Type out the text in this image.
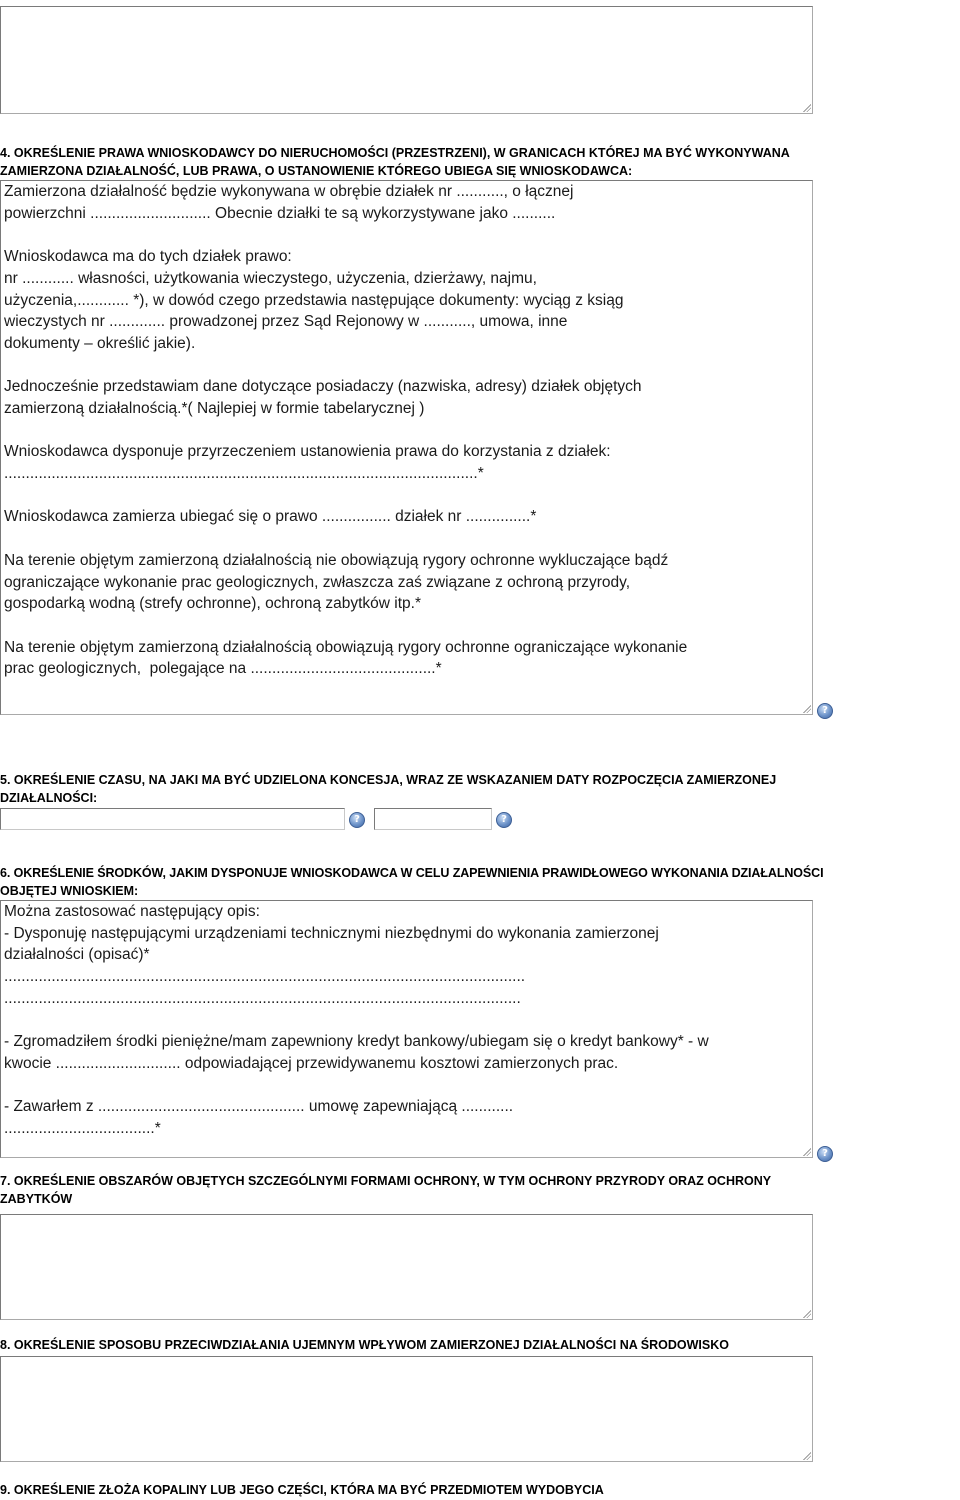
4. OKREŚLENIE PRAWA WNIOSKODAWCY DO NIERUCHOMOŚCI (PRZESTRZENI), W GRANICACH KTÓREJ MA BYĆ WYKONYWANA
ZAMIERZONA DZIAŁALNOŚĆ, LUB PRAWA, O USTANOWIENIE KTÓREGO UBIEGA SIĘ WNIOSKODAWCA:
Zamierzona działalność będzie wykonywana w obrębie działek nr ..........., o łącznej
powierzchni ............................ Obecnie działki te są wykorzystywane jako ..........
Wnioskodawca ma do tych działek prawo:
nr ............ własności, użytkowania wieczystego, użyczenia, dzierżawy, najmu,
użyczenia,............ *), w dowód czego przedstawia następujące dokumenty: wyciąg z ksiąg
wieczystych nr ............. prowadzonej przez Sąd Rejonowy w ..........., umowa, inne
dokumenty – określić jakie).
Jednocześnie przedstawiam dane dotyczące posiadaczy (nazwiska, adresy) działek objętych
zamierzoną działalnością.*( Najlepiej w formie tabelarycznej )
Wnioskodawca dysponuje przyrzeczeniem ustanowienia prawa do korzystania z działek:
..............................................................................................................*
Wnioskodawca zamierza ubiegać się o prawo ................ działek nr ...............*
Na terenie objętym zamierzoną działalnością nie obowiązują rygory ochronne wykluczające bądź
ograniczające wykonanie prac geologicznych, zwłaszcza zaś związane z ochroną przyrody,
gospodarką wodną (strefy ochronne), ochroną zabytków itp.*
Na terenie objętym zamierzoną działalnością obowiązują rygory ochronne ograniczające wykonanie
prac geologicznych,  polegające na ...........................................*
?
5. OKREŚLENIE CZASU, NA JAKI MA BYĆ UDZIELONA KONCESJA, WRAZ ZE WSKAZANIEM DATY ROZPOCZĘCIA ZAMIERZONEJ
DZIAŁALNOŚCI:
?	?
6. OKREŚLENIE ŚRODKÓW, JAKIM DYSPONUJE WNIOSKODAWCA W CELU ZAPEWNIENIA PRAWIDŁOWEGO WYKONANIA DZIAŁALNOŚCI
OBJĘTEJ WNIOSKIEM:
Można zastosować następujący opis:
- Dysponuję następującymi urządzeniami technicznymi niezbędnymi do wykonania zamierzonej
działalności (opisać)*
.........................................................................................................................
........................................................................................................................
- Zgromadziłem środki pieniężne/mam zapewniony kredyt bankowy/ubiegam się o kredyt bankowy* - w
kwocie ............................. odpowiadającej przewidywanemu kosztowi zamierzonych prac.
- Zawarłem z ................................................ umowę zapewniającą ............
...................................*
?
7. OKREŚLENIE OBSZARÓW OBJĘTYCH SZCZEGÓLNYMI FORMAMI OCHRONY, W TYM OCHRONY PRZYRODY ORAZ OCHRONY
ZABYTKÓW
8. OKREŚLENIE SPOSOBU PRZECIWDZIAŁANIA UJEMNYM WPŁYWOM ZAMIERZONEJ DZIAŁALNOŚCI NA ŚRODOWISKO
9. OKREŚLENIE ZŁOŻA KOPALINY LUB JEGO CZĘŚCI, KTÓRA MA BYĆ PRZEDMIOTEM WYDOBYCIA
